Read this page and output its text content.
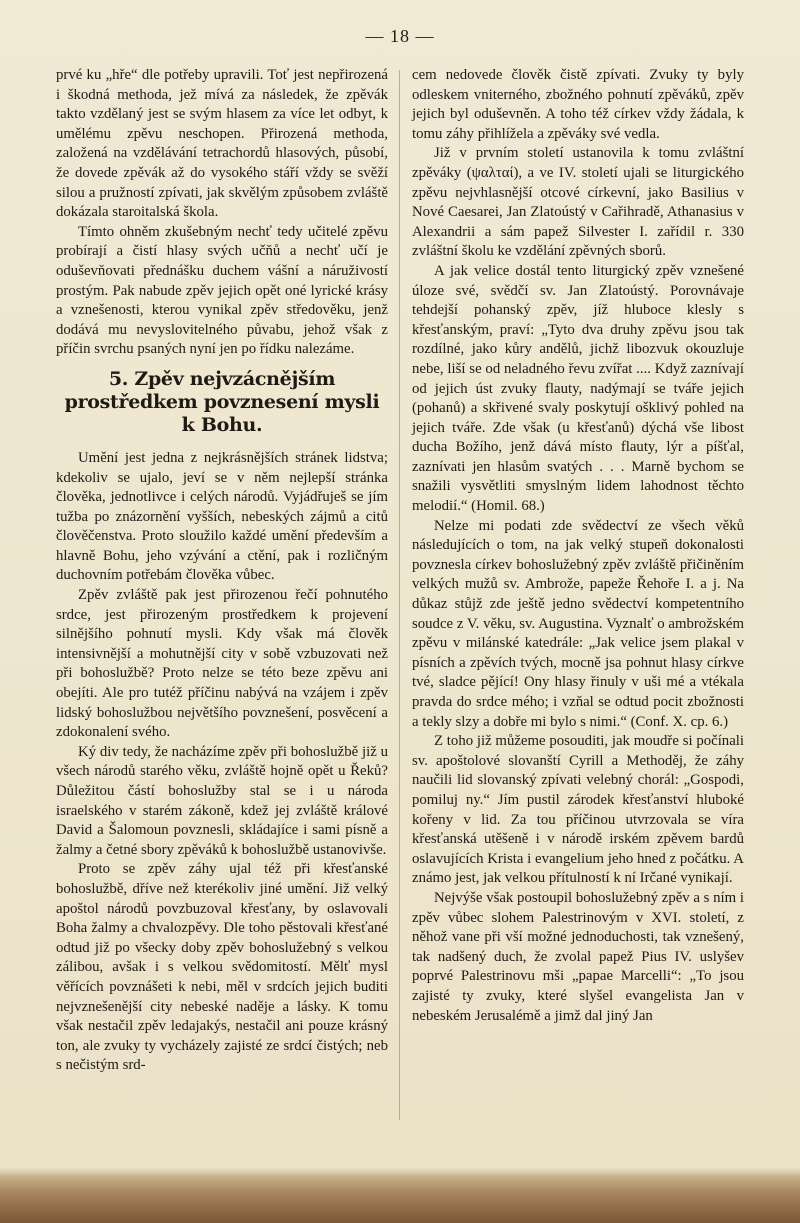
— 18 —

prvé ku „hře“ dle potřeby upravili. Toť jest nepřirozená i škodná methoda, jež mívá za následek, že zpěvák takto vzdělaný jest se svým hlasem za více let odbyt, k umělému zpěvu neschopen. Přirozená methoda, založená na vzdělávání tetrachordů hlasových, působí, že dovede zpěvák až do vysokého stáří vždy se svěží silou a pružností zpívati, jak skvělým způsobem zvláště dokázala staroitalská škola.

Tímto ohněm zkušebným nechť tedy učitelé zpěvu probírají a čistí hlasy svých učňů a nechť učí je oduševňovati přednášku duchem vášní a náruživostí prostým. Pak nabude zpěv jejich opět oné lyrické krásy a vznešenosti, kterou vynikal zpěv středověku, jenž dodává mu nevyslovitelného půvabu, jehož však z příčin svrchu psaných nyní jen po řídku nalezáme.

5. Zpěv nejvzácnějším prostředkem povznesení mysli k Bohu.

Umění jest jedna z nejkrásnějších stránek lidstva; kdekoliv se ujalo, jeví se v něm nejlepší stránka člověka, jednotlivce i celých národů. Vyjádřuješ se jím tužba po znázornění vyšších, nebeských zájmů a citů člověčenstva. Proto sloužilo každé umění především a hlavně Bohu, jeho vzývání a ctění, pak i rozličným duchovním potřebám člověka vůbec.

Zpěv zvláště pak jest přirozenou řečí pohnutého srdce, jest přirozeným prostředkem k projevení silnějšího pohnutí mysli. Kdy však má člověk intensivnější a mohutnější city v sobě vzbuzovati než při bohoslužbě? Proto nelze se této beze zpěvu ani obejíti. Ale pro tutéž příčinu nabývá na vzájem i zpěv lidský bohoslužbou největšího povznešení, posvěcení a zdokonalení svého.

Ký div tedy, že nacházíme zpěv při bohoslužbě již u všech národů starého věku, zvláště hojně opět u Řeků? Důležitou částí bohoslužby stal se i u národa israelského v starém zákoně, kdež jej zvláště králové David a Šalomoun povznesli, skládajíce i sami písně a žalmy a četné sbory zpěváků k bohoslužbě ustanovivše.

Proto se zpěv záhy ujal též při křesťanské bohoslužbě, dříve než kterékoliv jiné umění. Již velký apoštol národů povzbuzoval křesťany, by oslavovali Boha žalmy a chvalozpěvy. Dle toho pěstovali křesťané odtud již po všecky doby zpěv bohoslužebný s velkou zálibou, avšak i s velkou svědomitostí. Mělť mysl věřících povznášeti k nebi, měl v srdcích jejich buditi nejvznešenější city nebeské naděje a lásky. K tomu však nestačil zpěv ledajakýs, nestačil ani pouze krásný ton, ale zvuky ty vycházely zajisté ze srdcí čistých; neb s nečistým srd-

cem nedovede člověk čistě zpívati. Zvuky ty byly odleskem vniterného, zbožného pohnutí zpěváků, zpěv jejich byl oduševněn. A toho též církev vždy žádala, k tomu záhy přihlížela a zpěváky své vedla.

Již v prvním století ustanovila k tomu zvláštní zpěváky (ψαλταί), a ve IV. století ujali se liturgického zpěvu nejvhlasnější otcové církevní, jako Basilius v Nové Caesarei, Jan Zlatoústý v Cařihradě, Athanasius v Alexandrii a sám papež Silvester I. zařídil r. 330 zvláštní školu ke vzdělání zpěvných sborů.

A jak velice dostál tento liturgický zpěv vznešené úloze své, svědčí sv. Jan Zlatoústý. Porovnávaje tehdejší pohanský zpěv, jíž hluboce klesly s křesťanským, praví: „Tyto dva druhy zpěvu jsou tak rozdílné, jako kůry andělů, jichž libozvuk okouzluje nebe, liší se od neladného řevu zvířat .... Když zaznívají od jejich úst zvuky flauty, nadýmají se tváře jejich (pohanů) a skřivené svaly poskytují ošklivý pohled na jejich tváře. Zde však (u křesťanů) dýchá vše libost ducha Božího, jenž dává místo flauty, lýr a píšťal, zaznívati jen hlasům svatých . . . Marně bychom se snažili vysvětliti smyslným lidem lahodnost těchto melodií.“ (Homil. 68.)

Nelze mi podati zde svědectví ze všech věků následujících o tom, na jak velký stupeň dokonalosti povznesla církev bohoslužebný zpěv zvláště přičiněním velkých mužů sv. Ambrože, papeže Řehoře I. a j. Na důkaz stůjž zde ještě jedno svědectví kompetentního soudce z V. věku, sv. Augustina. Vyznalť o ambrožském zpěvu v milánské katedrále: „Jak velice jsem plakal v písních a zpěvích tvých, mocně jsa pohnut hlasy církve tvé, sladce pějící! Ony hlasy řinuly v uši mé a vtékala pravda do srdce mého; i vzňal se odtud pocit zbožnosti a tekly slzy a dobře mi bylo s nimi.“ (Conf. X. cp. 6.)

Z toho již můžeme posouditi, jak moudře si počínali sv. apoštolové slovanští Cyrill a Methoděj, že záhy naučili lid slovanský zpívati velebný chorál: „Gospodi, pomiluj ny.“ Jím pustil zárodek křesťanství hluboké kořeny v lid. Za tou příčinou utvrzovala se víra křesťanská utěšeně i v národě irském zpěvem bardů oslavujících Krista i evangelium jeho hned z počátku. A známo jest, jak velkou přítulností k ní Irčané vynikají.

Nejvýše však postoupil bohoslužebný zpěv a s ním i zpěv vůbec slohem Palestrinovým v XVI. století, z něhož vane při vší možné jednoduchosti, tak vznešený, tak nadšený duch, že zvolal papež Pius IV. uslyšev poprvé Palestrinovu mši „papae Marcelli“: „To jsou zajisté ty zvuky, které slyšel evangelista Jan v nebeském Jerusalémě a jimž dal jiný Jan
